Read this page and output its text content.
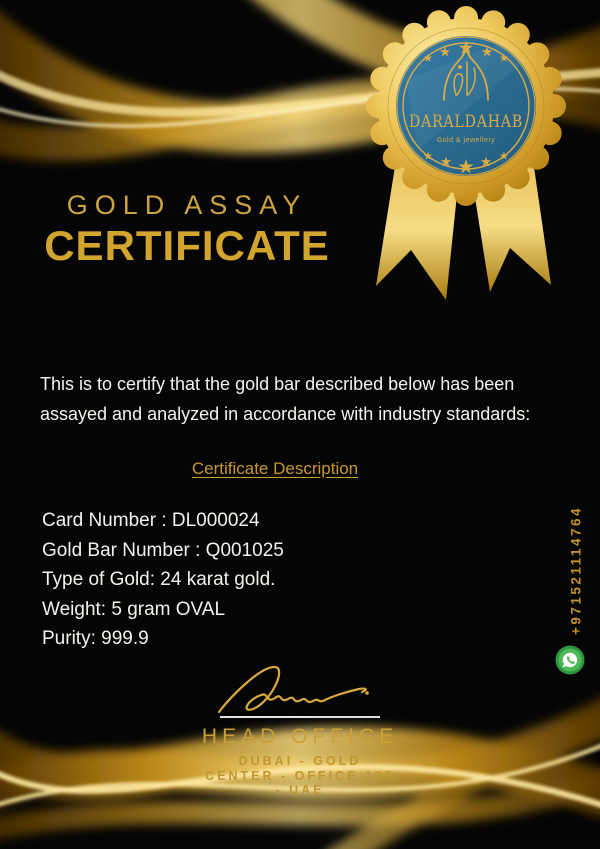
DARALDAHAB
Gold & jewellery
GOLD ASSAY
CERTIFICATE

This is to certify that the gold bar described below has been assayed and analyzed in accordance with industry standards:

Certificate Description
Card Number : DL000024
Gold Bar Number : Q001025
Type of Gold: 24 karat gold.
Weight: 5 gram OVAL
Purity: 999.9
+971521114764
HEAD OFFICE
DUBAI - GOLD
CENTER - OFFICE 135
- UAE
